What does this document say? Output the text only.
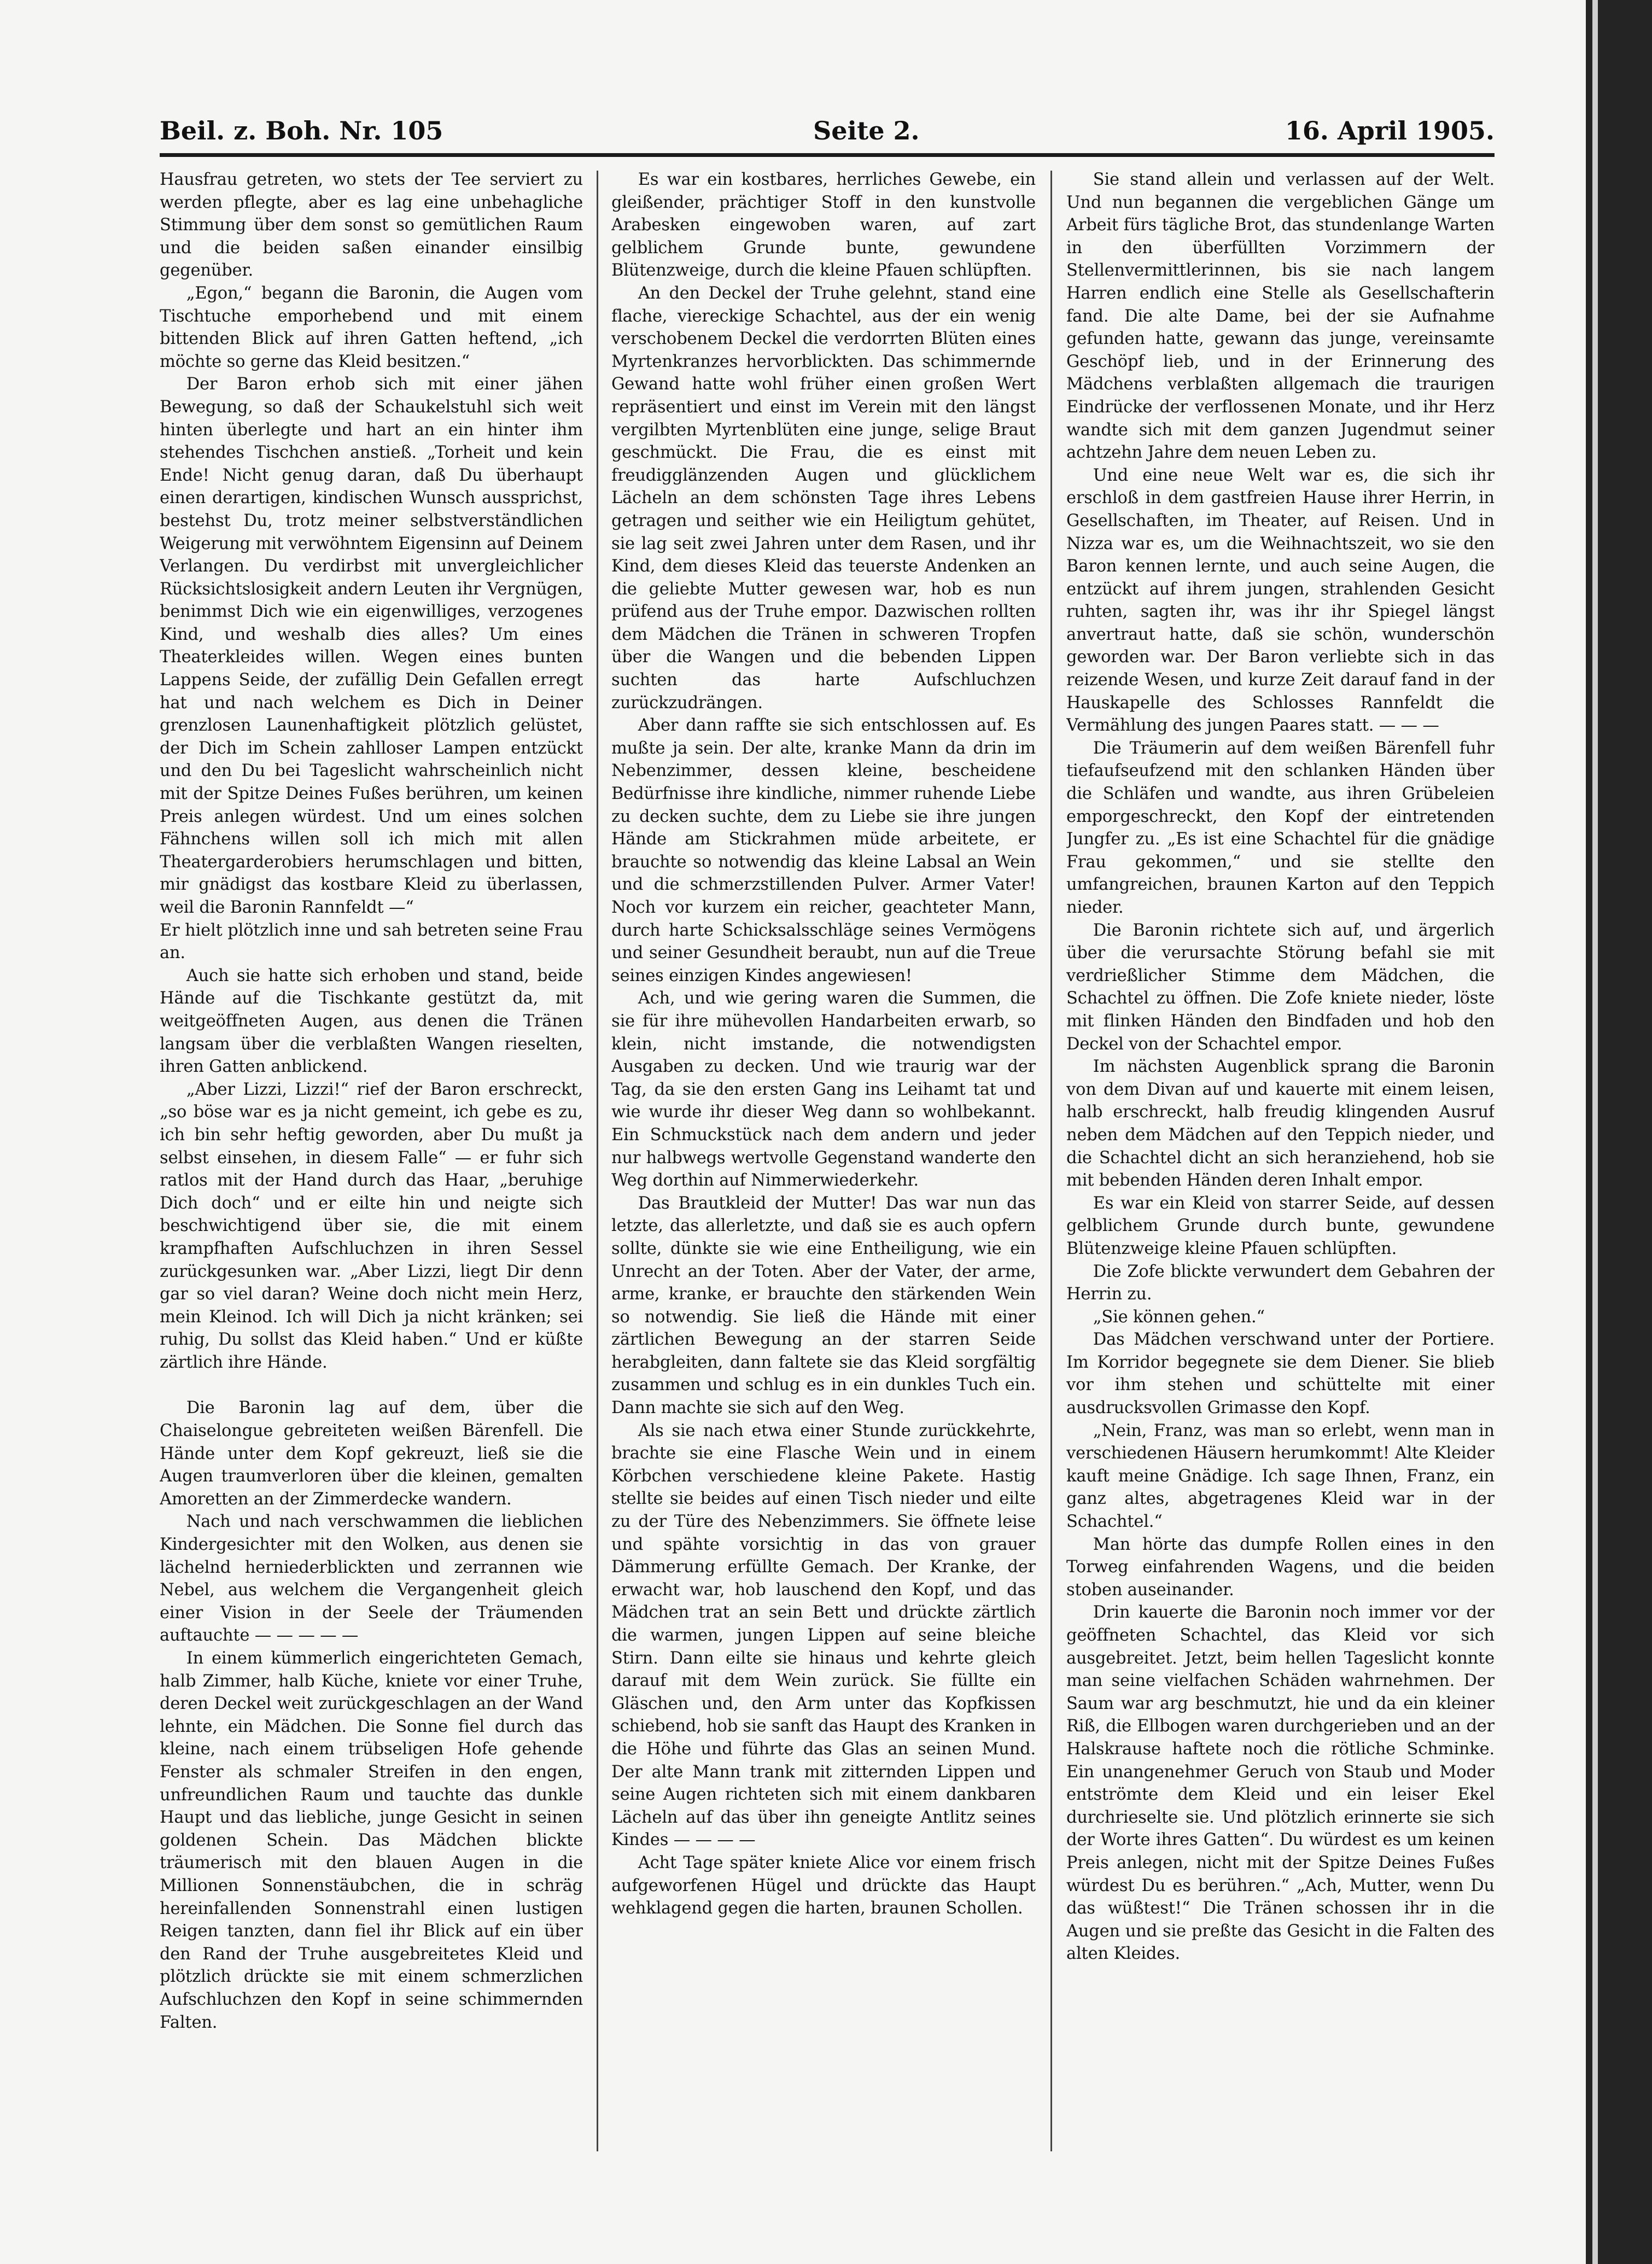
Beil. z. Boh. Nr. 105	Seite 2.	16. April 1905.

Hausfrau getreten, wo stets der Tee serviert zu werden pflegte, aber es lag eine unbehagliche Stimmung über dem sonst so gemütlichen Raum und die beiden saßen einander einsilbig gegenüber.

„Egon,“ begann die Baronin, die Augen vom Tischtuche emporhebend und mit einem bittenden Blick auf ihren Gatten heftend, „ich möchte so gerne das Kleid besitzen.“

Der Baron erhob sich mit einer jähen Bewegung, so daß der Schaukelstuhl sich weit hinten überlegte und hart an ein hinter ihm stehendes Tischchen anstieß. „Torheit und kein Ende! Nicht genug daran, daß Du überhaupt einen derartigen, kindischen Wunsch aussprichst, bestehst Du, trotz meiner selbstverständlichen Weigerung mit verwöhntem Eigensinn auf Deinem Verlangen. Du verdirbst mit unvergleichlicher Rücksichtslosigkeit andern Leuten ihr Vergnügen, benimmst Dich wie ein eigenwilliges, verzogenes Kind, und weshalb dies alles? Um eines Theaterkleides willen. Wegen eines bunten Lappens Seide, der zufällig Dein Gefallen erregt hat und nach welchem es Dich in Deiner grenzlosen Launenhaftigkeit plötzlich gelüstet, der Dich im Schein zahlloser Lampen entzückt und den Du bei Tageslicht wahrscheinlich nicht mit der Spitze Deines Fußes berühren, um keinen Preis anlegen würdest. Und um eines solchen Fähnchens willen soll ich mich mit allen Theatergarderobiers herumschlagen und bitten, mir gnädigst das kostbare Kleid zu überlassen, weil die Baronin Rannfeldt —“

Er hielt plötzlich inne und sah betreten seine Frau an.

Auch sie hatte sich erhoben und stand, beide Hände auf die Tischkante gestützt da, mit weitgeöffneten Augen, aus denen die Tränen langsam über die verblaßten Wangen rieselten, ihren Gatten anblickend.

„Aber Lizzi, Lizzi!“ rief der Baron erschreckt, „so böse war es ja nicht gemeint, ich gebe es zu, ich bin sehr heftig geworden, aber Du mußt ja selbst einsehen, in diesem Falle“ — er fuhr sich ratlos mit der Hand durch das Haar, „beruhige Dich doch“ und er eilte hin und neigte sich beschwichtigend über sie, die mit einem krampfhaften Aufschluchzen in ihren Sessel zurückgesunken war. „Aber Lizzi, liegt Dir denn gar so viel daran? Weine doch nicht mein Herz, mein Kleinod. Ich will Dich ja nicht kränken; sei ruhig, Du sollst das Kleid haben.“ Und er küßte zärtlich ihre Hände.

Die Baronin lag auf dem, über die Chaiselongue gebreiteten weißen Bärenfell. Die Hände unter dem Kopf gekreuzt, ließ sie die Augen traumverloren über die kleinen, gemalten Amoretten an der Zimmerdecke wandern.

Nach und nach verschwammen die lieblichen Kindergesichter mit den Wolken, aus denen sie lächelnd herniederblickten und zerrannen wie Nebel, aus welchem die Vergangenheit gleich einer Vision in der Seele der Träumenden auftauchte — — — — —

In einem kümmerlich eingerichteten Gemach, halb Zimmer, halb Küche, kniete vor einer Truhe, deren Deckel weit zurückgeschlagen an der Wand lehnte, ein Mädchen. Die Sonne fiel durch das kleine, nach einem trübseligen Hofe gehende Fenster als schmaler Streifen in den engen, unfreundlichen Raum und tauchte das dunkle Haupt und das liebliche, junge Gesicht in seinen goldenen Schein. Das Mädchen blickte träumerisch mit den blauen Augen in die Millionen Sonnenstäubchen, die in schräg hereinfallenden Sonnenstrahl einen lustigen Reigen tanzten, dann fiel ihr Blick auf ein über den Rand der Truhe ausgebreitetes Kleid und plötzlich drückte sie mit einem schmerzlichen Aufschluchzen den Kopf in seine schimmernden Falten.

Es war ein kostbares, herrliches Gewebe, ein gleißender, prächtiger Stoff in den kunstvolle Arabesken eingewoben waren, auf zart gelblichem Grunde bunte, gewundene Blütenzweige, durch die kleine Pfauen schlüpften.

An den Deckel der Truhe gelehnt, stand eine flache, viereckige Schachtel, aus der ein wenig verschobenem Deckel die verdorrten Blüten eines Myrtenkranzes hervorblickten. Das schimmernde Gewand hatte wohl früher einen großen Wert repräsentiert und einst im Verein mit den längst vergilbten Myrtenblüten eine junge, selige Braut geschmückt. Die Frau, die es einst mit freudigglänzenden Augen und glücklichem Lächeln an dem schönsten Tage ihres Lebens getragen und seither wie ein Heiligtum gehütet, sie lag seit zwei Jahren unter dem Rasen, und ihr Kind, dem dieses Kleid das teuerste Andenken an die geliebte Mutter gewesen war, hob es nun prüfend aus der Truhe empor. Dazwischen rollten dem Mädchen die Tränen in schweren Tropfen über die Wangen und die bebenden Lippen suchten das harte Aufschluchzen zurückzudrängen.

Aber dann raffte sie sich entschlossen auf. Es mußte ja sein. Der alte, kranke Mann da drin im Nebenzimmer, dessen kleine, bescheidene Bedürfnisse ihre kindliche, nimmer ruhende Liebe zu decken suchte, dem zu Liebe sie ihre jungen Hände am Stickrahmen müde arbeitete, er brauchte so notwendig das kleine Labsal an Wein und die schmerzstillenden Pulver. Armer Vater! Noch vor kurzem ein reicher, geachteter Mann, durch harte Schicksalsschläge seines Vermögens und seiner Gesundheit beraubt, nun auf die Treue seines einzigen Kindes angewiesen!

Ach, und wie gering waren die Summen, die sie für ihre mühevollen Handarbeiten erwarb, so klein, nicht imstande, die notwendigsten Ausgaben zu decken. Und wie traurig war der Tag, da sie den ersten Gang ins Leihamt tat und wie wurde ihr dieser Weg dann so wohlbekannt. Ein Schmuckstück nach dem andern und jeder nur halbwegs wertvolle Gegenstand wanderte den Weg dorthin auf Nimmerwiederkehr.

Das Brautkleid der Mutter! Das war nun das letzte, das allerletzte, und daß sie es auch opfern sollte, dünkte sie wie eine Entheiligung, wie ein Unrecht an der Toten. Aber der Vater, der arme, arme, kranke, er brauchte den stärkenden Wein so notwendig. Sie ließ die Hände mit einer zärtlichen Bewegung an der starren Seide herabgleiten, dann faltete sie das Kleid sorgfältig zusammen und schlug es in ein dunkles Tuch ein. Dann machte sie sich auf den Weg.

Als sie nach etwa einer Stunde zurückkehrte, brachte sie eine Flasche Wein und in einem Körbchen verschiedene kleine Pakete. Hastig stellte sie beides auf einen Tisch nieder und eilte zu der Türe des Nebenzimmers. Sie öffnete leise und spähte vorsichtig in das von grauer Dämmerung erfüllte Gemach. Der Kranke, der erwacht war, hob lauschend den Kopf, und das Mädchen trat an sein Bett und drückte zärtlich die warmen, jungen Lippen auf seine bleiche Stirn. Dann eilte sie hinaus und kehrte gleich darauf mit dem Wein zurück. Sie füllte ein Gläschen und, den Arm unter das Kopfkissen schiebend, hob sie sanft das Haupt des Kranken in die Höhe und führte das Glas an seinen Mund. Der alte Mann trank mit zitternden Lippen und seine Augen richteten sich mit einem dankbaren Lächeln auf das über ihn geneigte Antlitz seines Kindes — — — —

Acht Tage später kniete Alice vor einem frisch aufgeworfenen Hügel und drückte das Haupt wehklagend gegen die harten, braunen Schollen.

Sie stand allein und verlassen auf der Welt. Und nun begannen die vergeblichen Gänge um Arbeit fürs tägliche Brot, das stundenlange Warten in den überfüllten Vorzimmern der Stellenvermittlerinnen, bis sie nach langem Harren endlich eine Stelle als Gesellschafterin fand. Die alte Dame, bei der sie Aufnahme gefunden hatte, gewann das junge, vereinsamte Geschöpf lieb, und in der Erinnerung des Mädchens verblaßten allgemach die traurigen Eindrücke der verflossenen Monate, und ihr Herz wandte sich mit dem ganzen Jugendmut seiner achtzehn Jahre dem neuen Leben zu.

Und eine neue Welt war es, die sich ihr erschloß in dem gastfreien Hause ihrer Herrin, in Gesellschaften, im Theater, auf Reisen. Und in Nizza war es, um die Weihnachtszeit, wo sie den Baron kennen lernte, und auch seine Augen, die entzückt auf ihrem jungen, strahlenden Gesicht ruhten, sagten ihr, was ihr ihr Spiegel längst anvertraut hatte, daß sie schön, wunderschön geworden war. Der Baron verliebte sich in das reizende Wesen, und kurze Zeit darauf fand in der Hauskapelle des Schlosses Rannfeldt die Vermählung des jungen Paares statt. — — —

Die Träumerin auf dem weißen Bärenfell fuhr tiefaufseufzend mit den schlanken Händen über die Schläfen und wandte, aus ihren Grübeleien emporgeschreckt, den Kopf der eintretenden Jungfer zu. „Es ist eine Schachtel für die gnädige Frau gekommen,“ und sie stellte den umfangreichen, braunen Karton auf den Teppich nieder.

Die Baronin richtete sich auf, und ärgerlich über die verursachte Störung befahl sie mit verdrießlicher Stimme dem Mädchen, die Schachtel zu öffnen. Die Zofe kniete nieder, löste mit flinken Händen den Bindfaden und hob den Deckel von der Schachtel empor.

Im nächsten Augenblick sprang die Baronin von dem Divan auf und kauerte mit einem leisen, halb erschreckt, halb freudig klingenden Ausruf neben dem Mädchen auf den Teppich nieder, und die Schachtel dicht an sich heranziehend, hob sie mit bebenden Händen deren Inhalt empor.

Es war ein Kleid von starrer Seide, auf dessen gelblichem Grunde durch bunte, gewundene Blütenzweige kleine Pfauen schlüpften.

Die Zofe blickte verwundert dem Gebahren der Herrin zu.

„Sie können gehen.“

Das Mädchen verschwand unter der Portiere. Im Korridor begegnete sie dem Diener. Sie blieb vor ihm stehen und schüttelte mit einer ausdrucksvollen Grimasse den Kopf.

„Nein, Franz, was man so erlebt, wenn man in verschiedenen Häusern herumkommt! Alte Kleider kauft meine Gnädige. Ich sage Ihnen, Franz, ein ganz altes, abgetragenes Kleid war in der Schachtel.“

Man hörte das dumpfe Rollen eines in den Torweg einfahrenden Wagens, und die beiden stoben auseinander.

Drin kauerte die Baronin noch immer vor der geöffneten Schachtel, das Kleid vor sich ausgebreitet. Jetzt, beim hellen Tageslicht konnte man seine vielfachen Schäden wahrnehmen. Der Saum war arg beschmutzt, hie und da ein kleiner Riß, die Ellbogen waren durchgerieben und an der Halskrause haftete noch die rötliche Schminke. Ein unangenehmer Geruch von Staub und Moder entströmte dem Kleid und ein leiser Ekel durchrieselte sie. Und plötzlich erinnerte sie sich der Worte ihres Gatten“. Du würdest es um keinen Preis anlegen, nicht mit der Spitze Deines Fußes würdest Du es berühren.“ „Ach, Mutter, wenn Du das wüßtest!“ Die Tränen schossen ihr in die Augen und sie preßte das Gesicht in die Falten des alten Kleides.
